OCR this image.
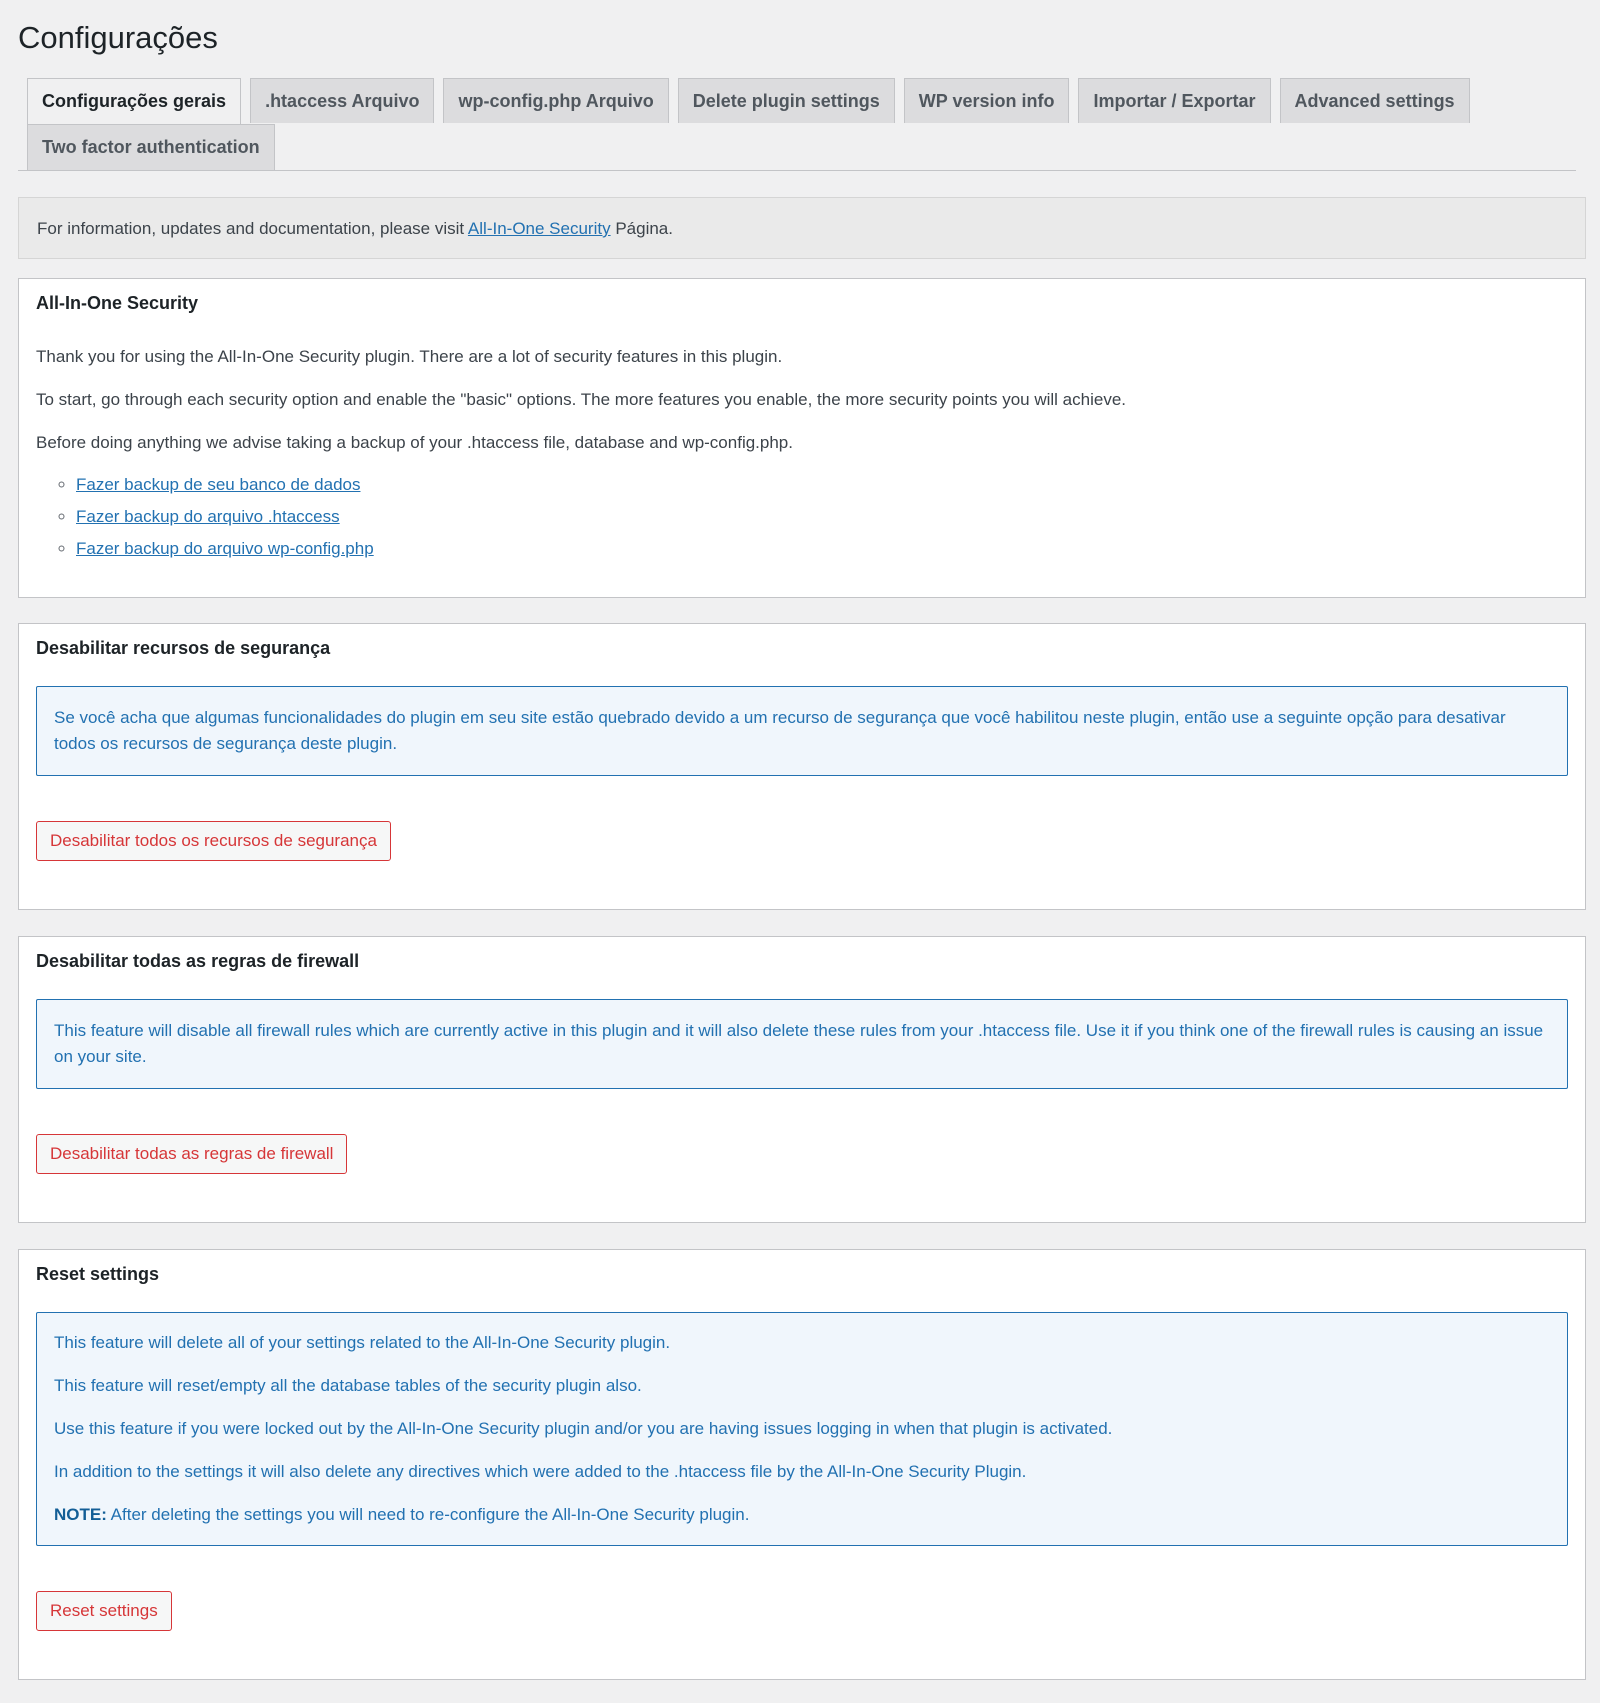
Configurações
Configurações gerais	.htaccess Arquivo	wp-config.php Arquivo	Delete plugin settings	WP version info	Importar / Exportar	Advanced settings
Two factor authentication
For information, updates and documentation, please visit All-In-One Security Página.
All-In-One Security

Thank you for using the All-In-One Security plugin. There are a lot of security features in this plugin.

To start, go through each security option and enable the "basic" options. The more features you enable, the more security points you will achieve.

Before doing anything we advise taking a backup of your .htaccess file, database and wp-config.php.

◦ Fazer backup de seu banco de dados
◦ Fazer backup do arquivo .htaccess
◦ Fazer backup do arquivo wp-config.php
Desabilitar recursos de segurança

Se você acha que algumas funcionalidades do plugin em seu site estão quebrado devido a um recurso de segurança que você habilitou neste plugin, então use a seguinte opção para desativar todos os recursos de segurança deste plugin.

Desabilitar todos os recursos de segurança
Desabilitar todas as regras de firewall

This feature will disable all firewall rules which are currently active in this plugin and it will also delete these rules from your .htaccess file. Use it if you think one of the firewall rules is causing an issue on your site.

Desabilitar todas as regras de firewall
Reset settings

This feature will delete all of your settings related to the All-In-One Security plugin.

This feature will reset/empty all the database tables of the security plugin also.

Use this feature if you were locked out by the All-In-One Security plugin and/or you are having issues logging in when that plugin is activated.

In addition to the settings it will also delete any directives which were added to the .htaccess file by the All-In-One Security Plugin.

NOTE: After deleting the settings you will need to re-configure the All-In-One Security plugin.

Reset settings
